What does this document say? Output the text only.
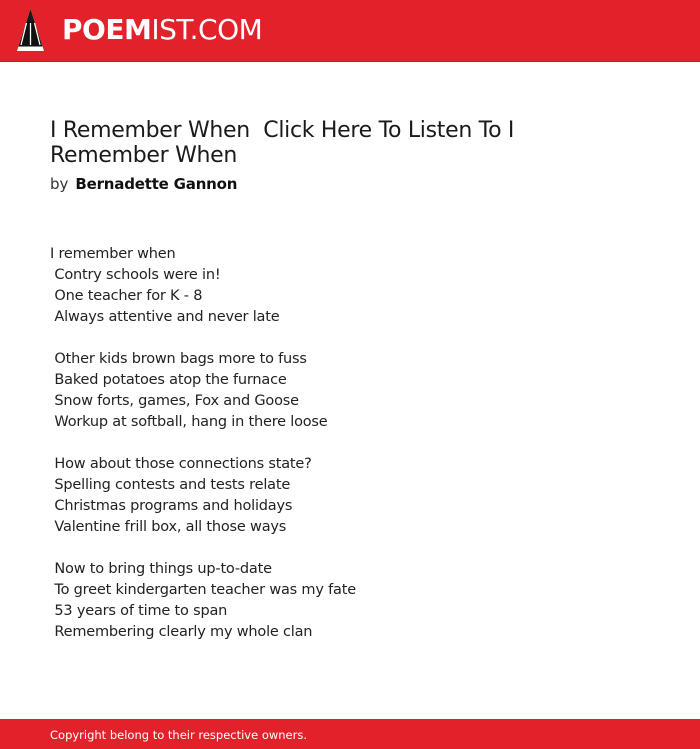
POEMIST.COM
I Remember When  Click Here To Listen To I Remember When
by Bernadette Gannon
I remember when
Contry schools were in!
One teacher for K - 8
Always attentive and never late
Other kids brown bags more to fuss
Baked potatoes atop the furnace
Snow forts, games, Fox and Goose
Workup at softball, hang in there loose
How about those connections state?
Spelling contests and tests relate
Christmas programs and holidays
Valentine frill box, all those ways
Now to bring things up-to-date
To greet kindergarten teacher was my fate
53 years of time to span
Remembering clearly my whole clan
Copyright belong to their respective owners.
